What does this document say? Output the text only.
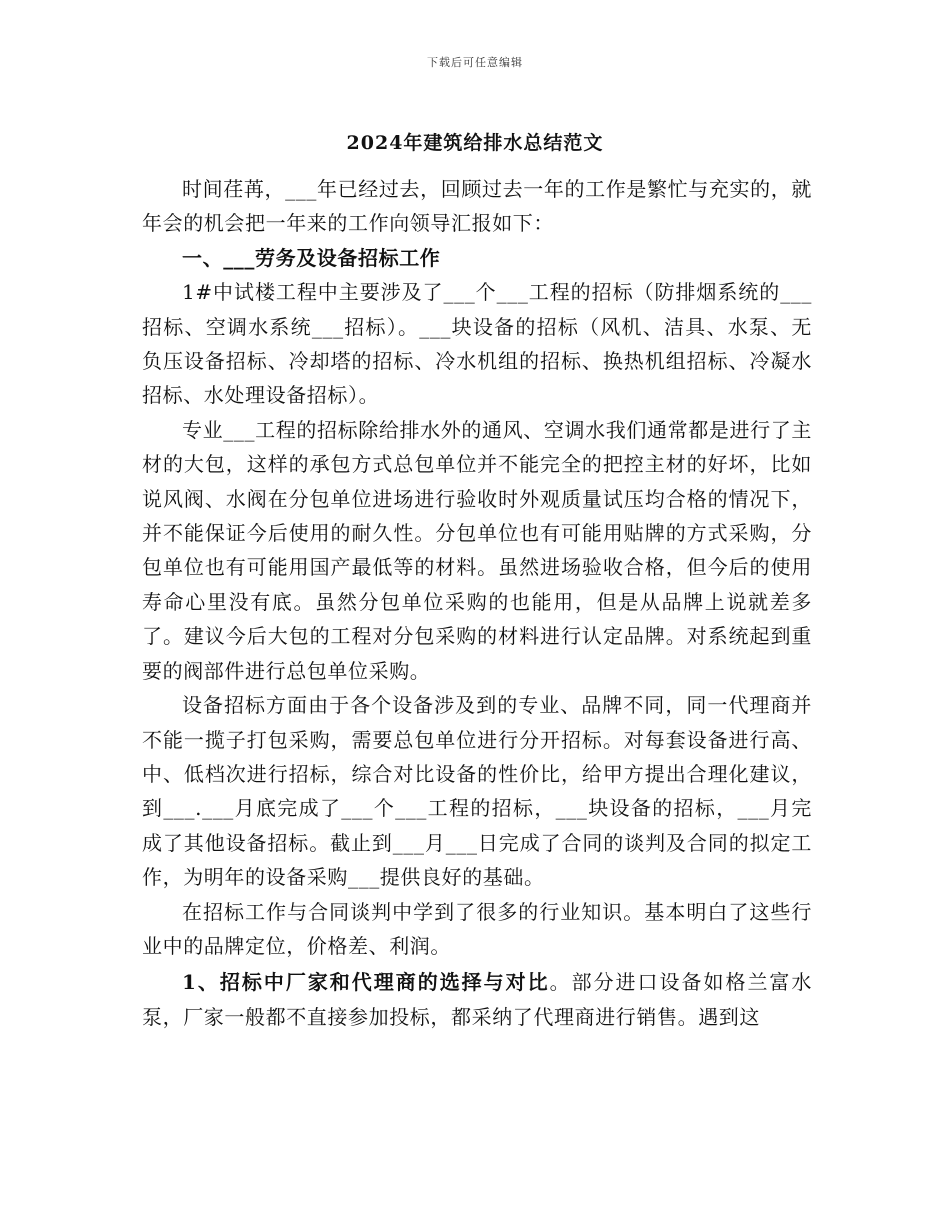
下载后可任意编辑
2024年建筑给排水总结范文

时间荏苒，___年已经过去，回顾过去一年的工作是繁忙与充实的，就年会的机会把一年来的工作向领导汇报如下：

一、___劳务及设备招标工作

1#中试楼工程中主要涉及了___个___工程的招标（防排烟系统的___招标、空调水系统___招标）。___块设备的招标（风机、洁具、水泵、无负压设备招标、冷却塔的招标、冷水机组的招标、换热机组招标、冷凝水招标、水处理设备招标）。

专业___工程的招标除给排水外的通风、空调水我们通常都是进行了主材的大包，这样的承包方式总包单位并不能完全的把控主材的好坏，比如说风阀、水阀在分包单位进场进行验收时外观质量试压均合格的情况下，并不能保证今后使用的耐久性。分包单位也有可能用贴牌的方式采购，分包单位也有可能用国产最低等的材料。虽然进场验收合格，但今后的使用寿命心里没有底。虽然分包单位采购的也能用，但是从品牌上说就差多了。建议今后大包的工程对分包采购的材料进行认定品牌。对系统起到重要的阀部件进行总包单位采购。

设备招标方面由于各个设备涉及到的专业、品牌不同，同一代理商并不能一揽子打包采购，需要总包单位进行分开招标。对每套设备进行高、中、低档次进行招标，综合对比设备的性价比，给甲方提出合理化建议，到___.___月底完成了___个___工程的招标，___块设备的招标，___月完成了其他设备招标。截止到___月___日完成了合同的谈判及合同的拟定工作，为明年的设备采购___提供良好的基础。

在招标工作与合同谈判中学到了很多的行业知识。基本明白了这些行业中的品牌定位，价格差、利润。

1、招标中厂家和代理商的选择与对比。部分进口设备如格兰富水泵，厂家一般都不直接参加投标，都采纳了代理商进行销售。遇到这
